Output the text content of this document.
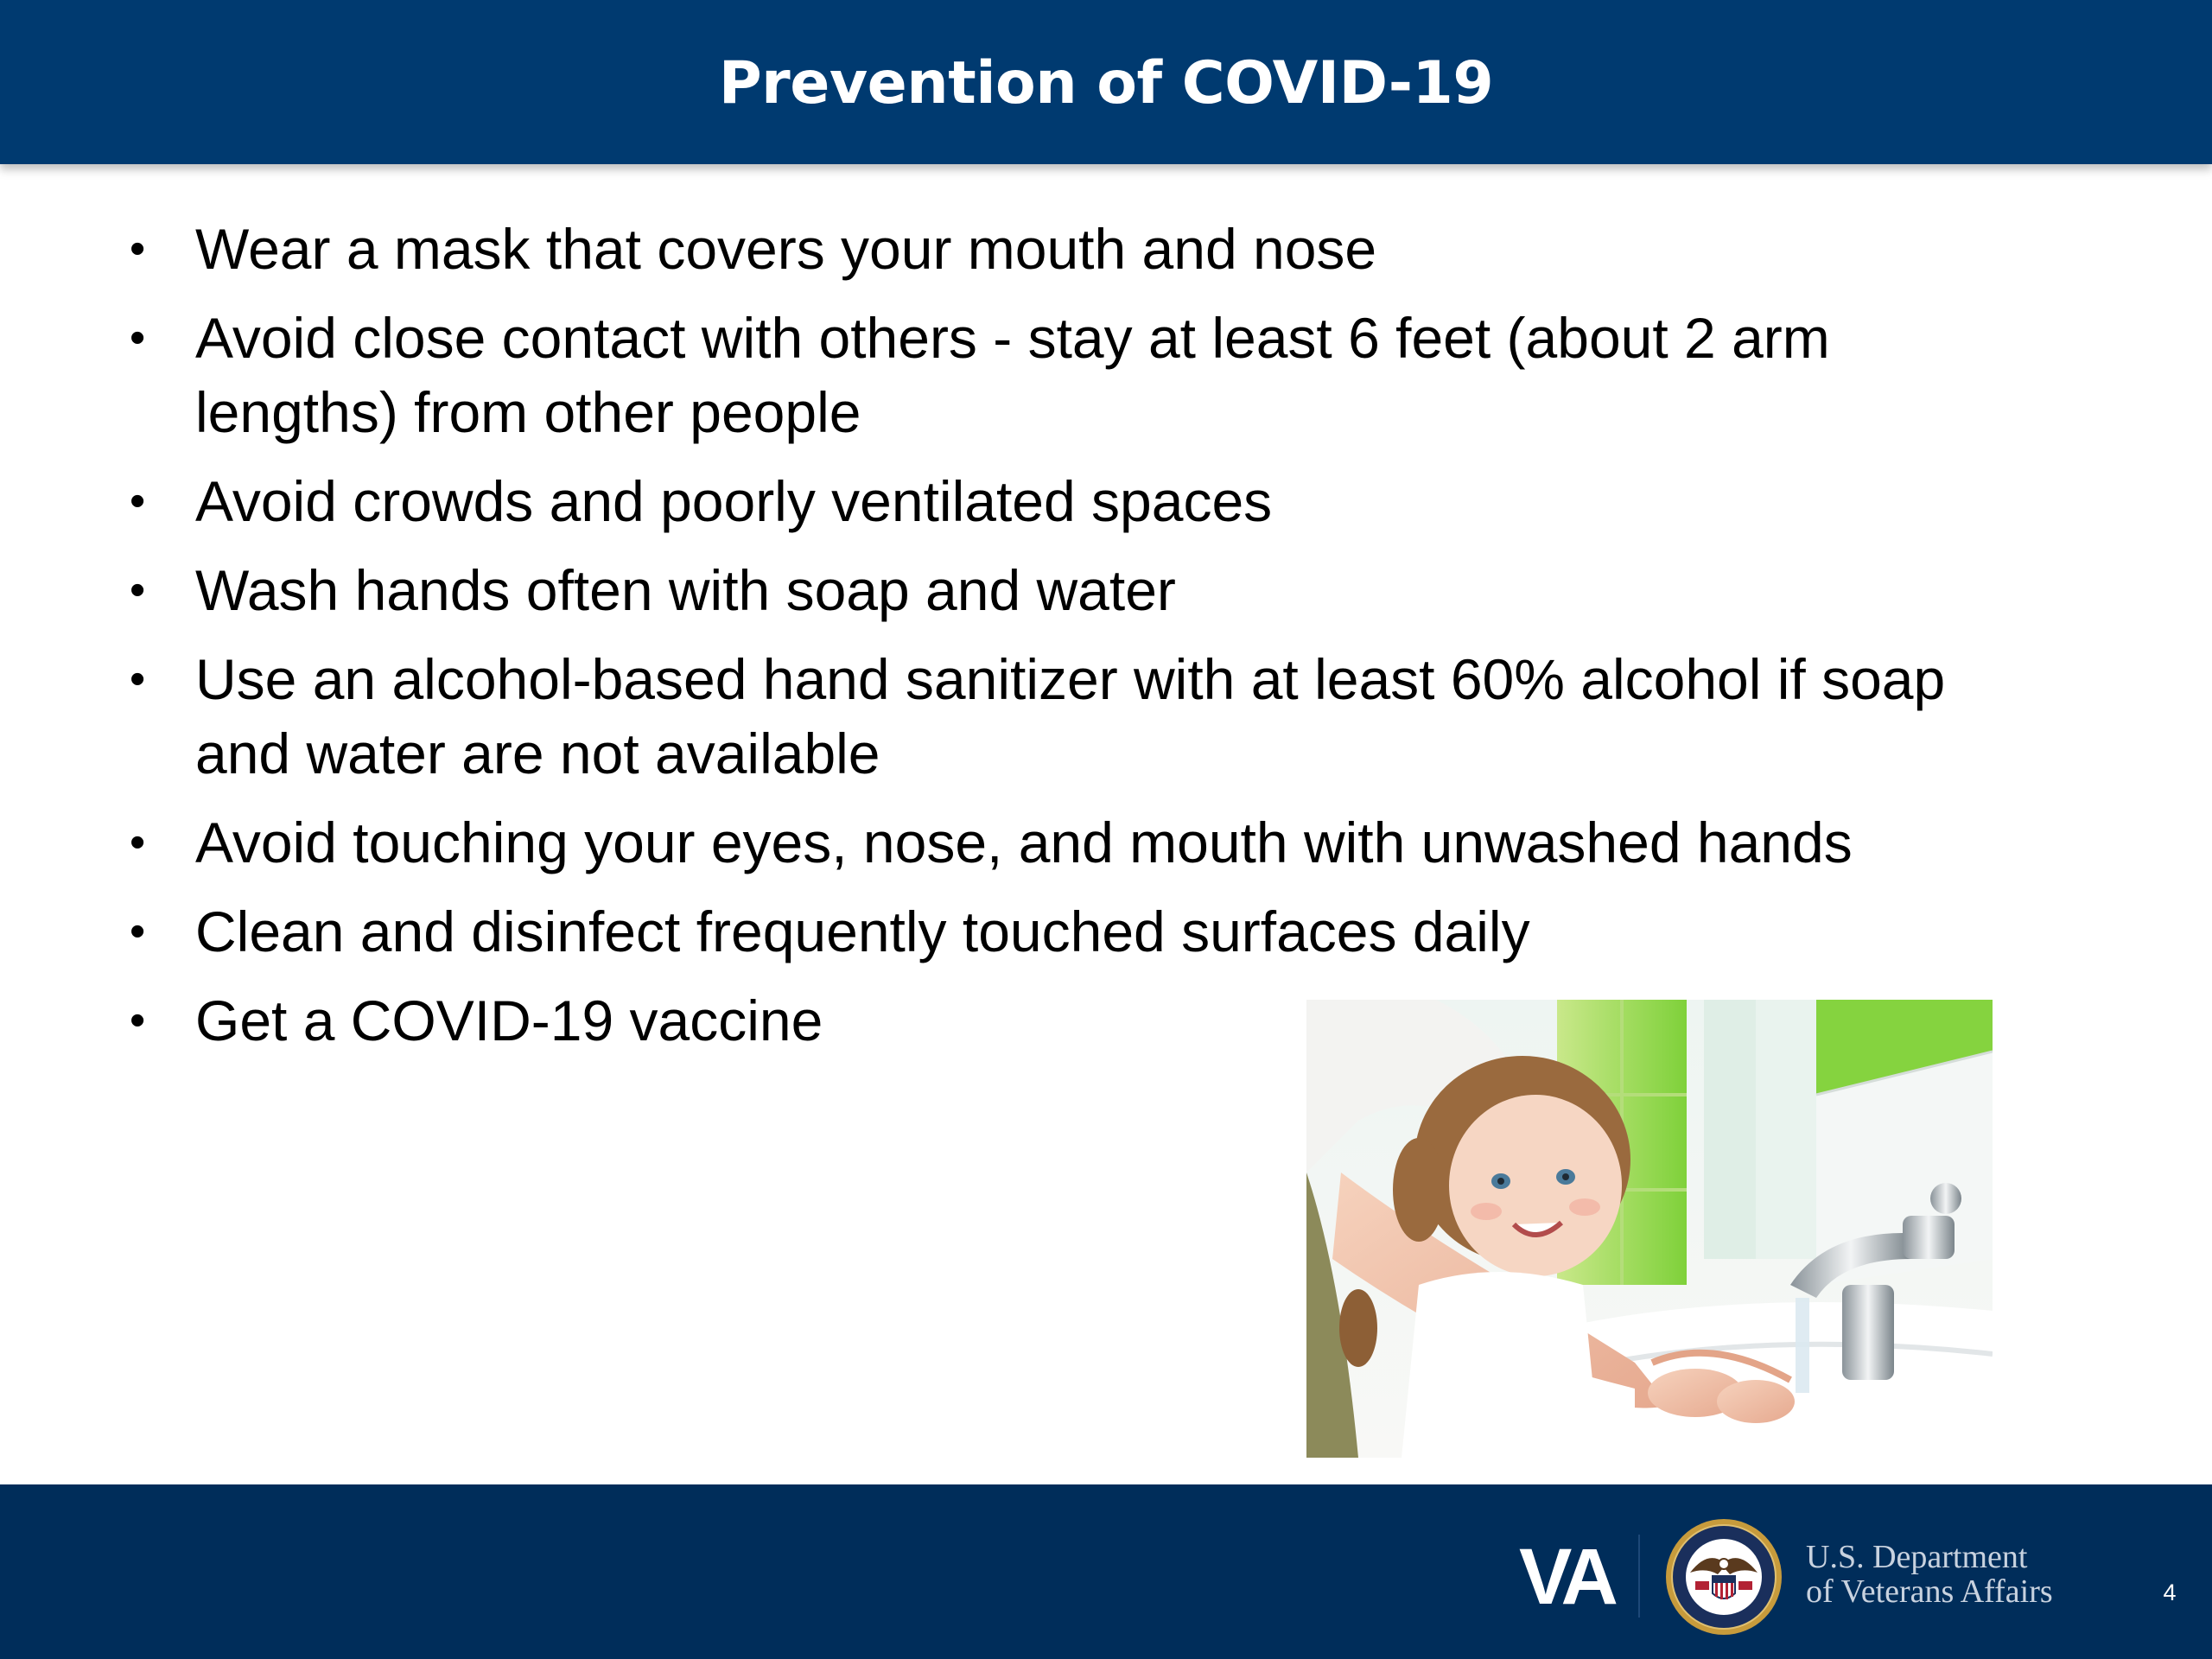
Prevention of COVID-19
• Wear a mask that covers your mouth and nose
• Avoid close contact with others - stay at least 6 feet (about 2 arm lengths) from other people
• Avoid crowds and poorly ventilated spaces
• Wash hands often with soap and water
• Use an alcohol-based hand sanitizer with at least 60% alcohol if soap and water are not available
• Avoid touching your eyes, nose, and mouth with unwashed hands
• Clean and disinfect frequently touched surfaces daily
• Get a COVID-19 vaccine
VA	U.S. Department
of Veterans Affairs	4
